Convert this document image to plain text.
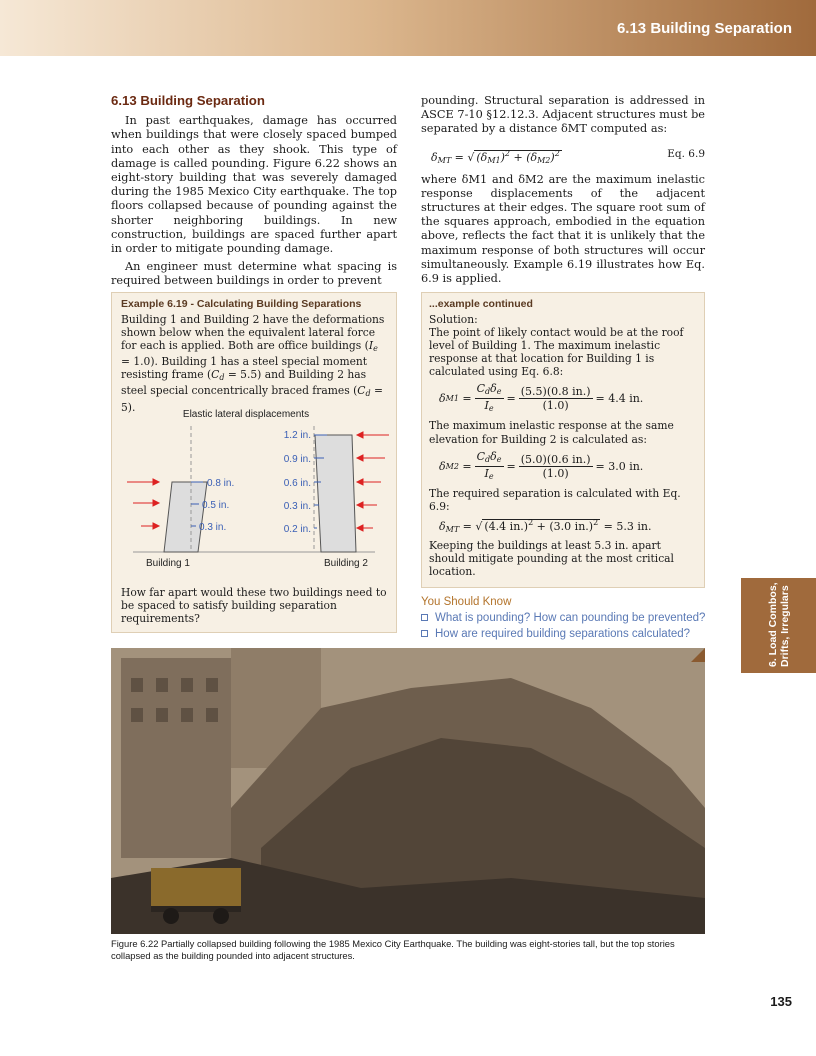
6.13 Building Separation
6.13 Building Separation

In past earthquakes, damage has occurred when buildings that were closely spaced bumped into each other as they shook. This type of damage is called pounding. Figure 6.22 shows an eight-story building that was severely damaged during the 1985 Mexico City earthquake. The top floors collapsed because of pounding against the shorter neighboring buildings. In new construction, buildings are spaced further apart in order to mitigate pounding damage.

An engineer must determine what spacing is required between buildings in order to prevent

pounding. Structural separation is addressed in ASCE 7-10 §12.12.3. Adjacent structures must be separated by a distance δMT computed as:

$\delta_{MT}$ = √ $(\delta_{M1})^2 + (\delta_{M2})^2$	Eq. 6.9

where δM1 and δM2 are the maximum inelastic response displacements of the adjacent structures at their edges. The square root sum of the squares approach, embodied in the equation above, reflects the fact that it is unlikely that the maximum response of both structures will occur simultaneously. Example 6.19 illustrates how Eq. 6.9 is applied.

Example 6.19 - Calculating Building Separations
Building 1 and Building 2 have the deformations shown below when the equivalent lateral force for each is applied. Both are office buildings $(I_e = 1.0)$. Building 1 has a steel special moment resisting frame $(C_d = 5.5)$ and Building 2 has steel special concentrically braced frames $(C_d = 5)$.
How far apart would these two buildings need to be spaced to satisfy building separation requirements?
Elastic lateral displacements
0.8 in.
0.5 in.
0.3 in.
1.2 in.
0.9 in.
0.6 in.
0.3 in.
0.2 in.
Building 1	Building 2
...example continued
Solution:
The point of likely contact would be at the roof level of Building 1. The maximum inelastic response at that location for Building 1 is calculated using Eq. 6.8:
δ $M1 = \frac{C_d\delta_e}{I_e} = \frac{(5.5)(0.8 in.)}{(1.0)} = 4.4$ in.
The maximum inelastic response at the same elevation for Building 2 is calculated as:
δ $M2 = \frac{C_d\delta_e}{I_e} = \frac{(5.0)(0.6 in.)}{(1.0)} = 3.0$ in.
The required separation is calculated with Eq. 6.9:
$\delta_{MT}$ = √ (4.4 in.)$^2$ + (3.0 in.)$^2$ = 5.3 in.
Keeping the buildings at least 5.3 in. apart should mitigate pounding at the most critical location.
You Should Know
What is pounding? How can pounding be prevented?
How are required building separations calculated?	6. Load Combos, Drifts, Irregulars
Figure 6.22 Partially collapsed building following the 1985 Mexico City Earthquake. The building was eight-stories tall, but the top stories collapsed as the building pounded into adjacent structures.
135
